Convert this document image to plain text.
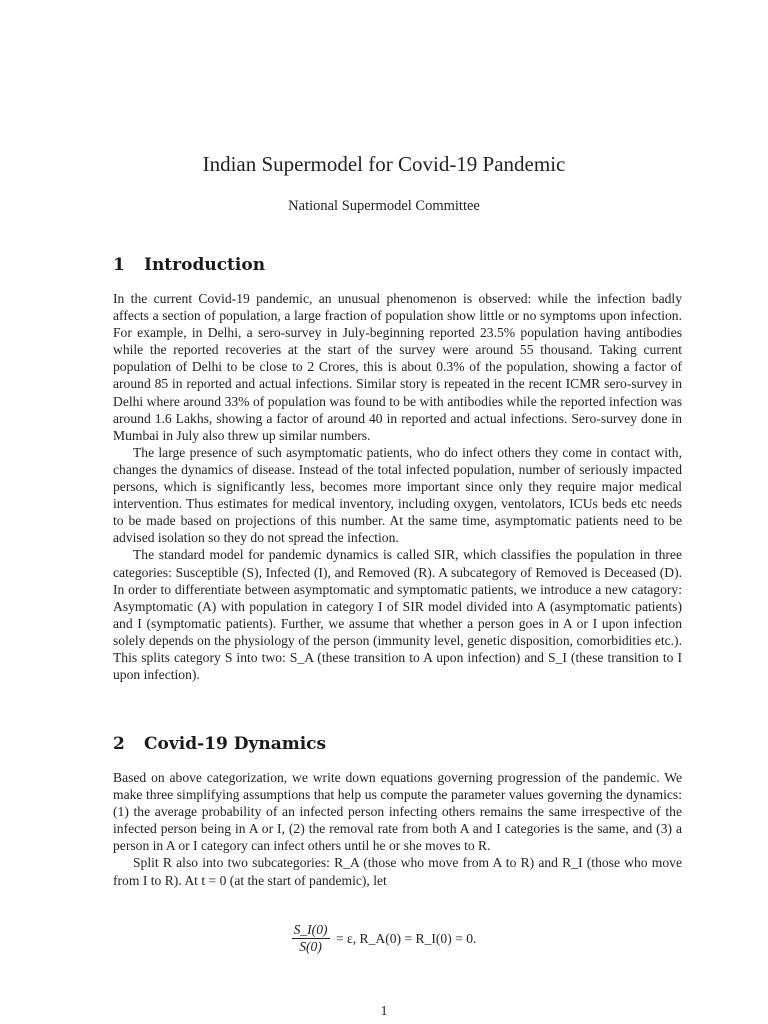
Indian Supermodel for Covid-19 Pandemic
National Supermodel Committee
1 Introduction

In the current Covid-19 pandemic, an unusual phenomenon is observed: while the infection badly affects a section of population, a large fraction of population show little or no symptoms upon infection. For example, in Delhi, a sero-survey in July-beginning reported 23.5% population having antibodies while the reported recoveries at the start of the survey were around 55 thousand. Taking current population of Delhi to be close to 2 Crores, this is about 0.3% of the population, showing a factor of around 85 in reported and actual infections. Similar story is repeated in the recent ICMR sero-survey in Delhi where around 33% of population was found to be with antibodies while the reported infection was around 1.6 Lakhs, showing a factor of around 40 in reported and actual infections. Sero-survey done in Mumbai in July also threw up similar numbers.

The large presence of such asymptomatic patients, who do infect others they come in contact with, changes the dynamics of disease. Instead of the total infected population, number of seriously impacted persons, which is significantly less, becomes more important since only they require major medical intervention. Thus estimates for medical inventory, including oxygen, ventolators, ICUs beds etc needs to be made based on projections of this number. At the same time, asymptomatic patients need to be advised isolation so they do not spread the infection.

The standard model for pandemic dynamics is called SIR, which classifies the population in three categories: Susceptible (S), Infected (I), and Removed (R). A subcategory of Removed is Deceased (D). In order to differentiate between asymptomatic and symptomatic patients, we introduce a new catagory: Asymptomatic (A) with population in category I of SIR model divided into A (asymptomatic patients) and I (symptomatic patients). Further, we assume that whether a person goes in A or I upon infection solely depends on the physiology of the person (immunity level, genetic disposition, comorbidities etc.). This splits category S into two: S_A (these transition to A upon infection) and S_I (these transition to I upon infection).

2 Covid-19 Dynamics

Based on above categorization, we write down equations governing progression of the pandemic. We make three simplifying assumptions that help us compute the parameter values governing the dynamics: (1) the average probability of an infected person infecting others remains the same irrespective of the infected person being in A or I, (2) the removal rate from both A and I categories is the same, and (3) a person in A or I category can infect others until he or she moves to R.

Split R also into two subcategories: R_A (those who move from A to R) and R_I (those who move from I to R). At t = 0 (at the start of pandemic), let

$\frac{S\_I(0)}{S(0)} = \varepsilon$, R_A(0) = R_I(0) = 0.
1
